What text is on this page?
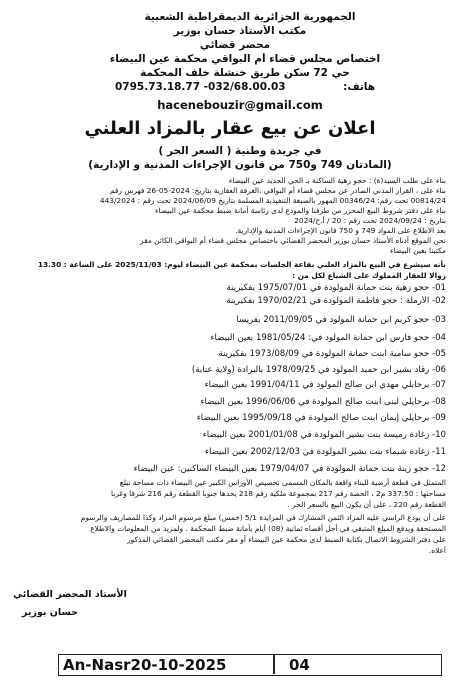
الجمهورية الجزائرية الديمقراطية الشعبية
مكتب الأستاذ حسان بوزير
محضر قضائي
اختصاص مجلس قضاء أم البواقي محكمة عين البيضاء
حي 72 سكن طريق خنشلة خلف المحكمة
هاتف:
0795.73.18.77 -032/68.00.03
hacenebouzir@gmail.com
اعلان عن بيع عقار بالمزاد العلني
في جريدة وطنية ( السعر الحر )
(المادتان 749 و750 من قانون الإجراءات المدنية و الإدارية)
بناء على طلب السيد(ة) : حجو زهية الساكنة بـ الحي الجديد عين البيضاء
بناء على ، القرار المدني الصادر عن مجلس قضاء أم البواقي ،الغرفة العقارية بتاريخ: 2024-05-26 فهرس رقم
00814/24 تحت رقم: 00346/24 المهور بالصيغة التنفيذية المسلمة بتاريخ 2024/06/09 تحت رقم : 443/2024
بناء على دفتر شروط البيع المحرر من طرفنا والمودع لدى رئاسة أمانة ضبط محكمة عين البيضاء
بتاريخ : 2024/09/24 تحت رقم : 20 / أ.ح/2024
بعد الاطلاع على المواد 749 و 750 قانون الإجراءات المدنية والإدارية.
نحن الموقع أدناه الأستاذ حسان بوزير المحضر القضائي باختصاص مجلس قضاء أم البواقي الكائن مقر
مكتبنا بعين البيضاء
بأنه سيشرع في البيع بالمزاد العلني بقاعة الجلسات بمحكمة عين البيضاء ليوم: 2025/11/03 على الساعة : 13.30
زوالا للعقار المملوك على الشياع لكل من :
01- حجو زهية بنت حمانة المولودة في 1975/07/01 بفكيرينة
02- الأرملة : حجو فاطمة المولودة في 1970/02/21 بفكيرينة
03- حجو كريم ابن حمانة المولود في 2011/09/05 بفريسا
04- حجو فارس ابن حمانة المولود في: 1981/05/24 بعين البيضاء
05- حجو سامية ابنت حمانة المولودة في 1973/08/09 بفكيرينة
06- رقاد بشير ابن حميد المولود في 1978/09/25 بالبرادة (ولاية عنابة)
07- برحايلي مهدي ابن صالح المولود في 1991/04/11 بعين البيضاء
08- برحايلي لبنى ابنت صالح المولودة في 1996/06/06 بعين البيضاء
09- برحايلي إيمان ابنت صالح المولودة في 1995/09/18 بعين البيضاء
10- زغادة رميسة بنت بشير المولودة في 2001/01/08 بعين البيضاء
11- زغادة شيماء بنت بشير المولودة في 2002/12/03 بعين البيضاء
12- حجو زينة بنت حمانة المولودة في 1979/04/07 بعين البيضاء الساكنين: عين البيضاء
المتمثل في قطعة أرضية للبناء واقعة بالمكان المسمى تحصيص الأوراس الكبير عين البيضاء ذات مساحة تبلغ
مساحتها : 337.50 م2 ، الحصة رقم 217 بمجموعة ملكية رقم 218 يحدها جنوبا القطعة رقم 216 شرقا وغربا
القطعة رقم 220 ، على أن يكون البيع بالسعر الحر .
على أن يودع الراسي عليه المزاد الثمن المشارك في المزايدة 5/1 (خمس) مبلغ مرسوم المزاد وكذا للمصاريف والرسوم
المستحقة ويدفع المبلغ المتبقي في أجل أقصاه ثمانية (08) أيام بأمانة ضبط المحكمة . ولمزيد من المعلومات والاطلاع
على دفتر الشروط الاتصال بكتابة الضبط لدى محكمة عين البيضاء أو مقر مكتب المحضر القضائي المذكور
أعلاه.
الأستاذ المحضر القضائي
حسان بوزير
An-Nasr20-10-2025	04
